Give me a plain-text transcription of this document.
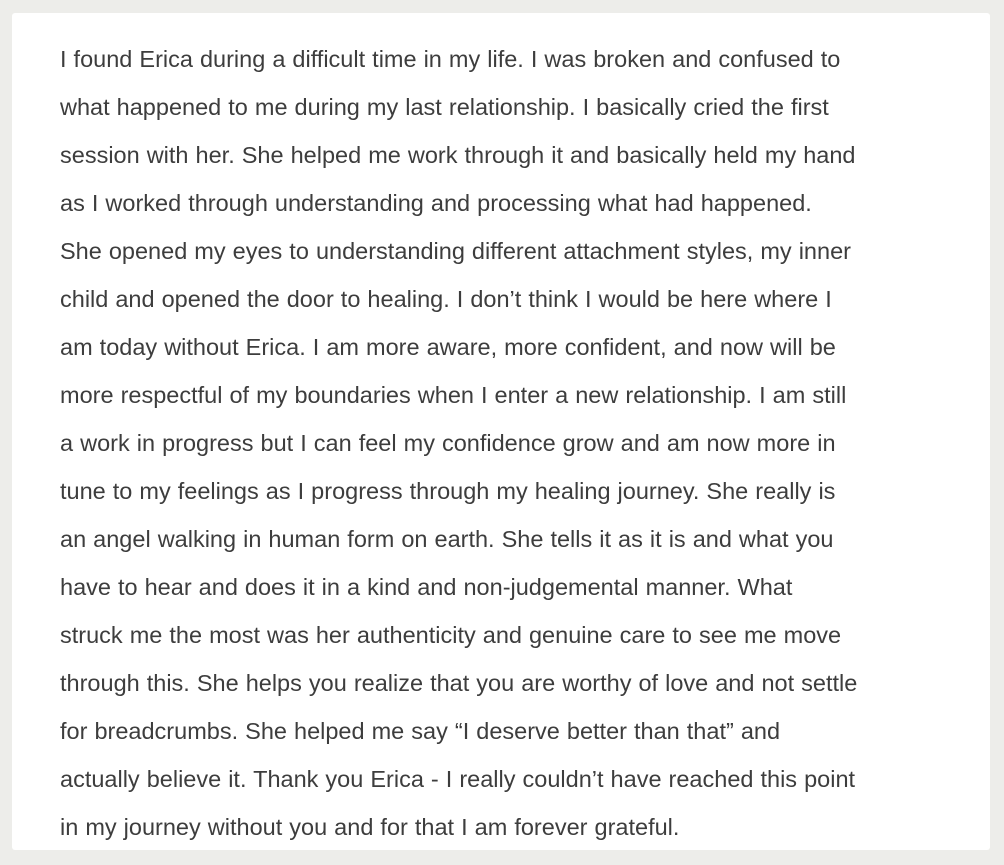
I found Erica during a difficult time in my life. I was broken and confused to
what happened to me during my last relationship. I basically cried the first
session with her. She helped me work through it and basically held my hand
as I worked through understanding and processing what had happened.
She opened my eyes to understanding different attachment styles, my inner
child and opened the door to healing. I don’t think I would be here where I
am today without Erica. I am more aware, more confident, and now will be
more respectful of my boundaries when I enter a new relationship. I am still
a work in progress but I can feel my confidence grow and am now more in
tune to my feelings as I progress through my healing journey. She really is
an angel walking in human form on earth. She tells it as it is and what you
have to hear and does it in a kind and non-judgemental manner. What
struck me the most was her authenticity and genuine care to see me move
through this. She helps you realize that you are worthy of love and not settle
for breadcrumbs. She helped me say “I deserve better than that” and
actually believe it. Thank you Erica - I really couldn’t have reached this point
in my journey without you and for that I am forever grateful.
